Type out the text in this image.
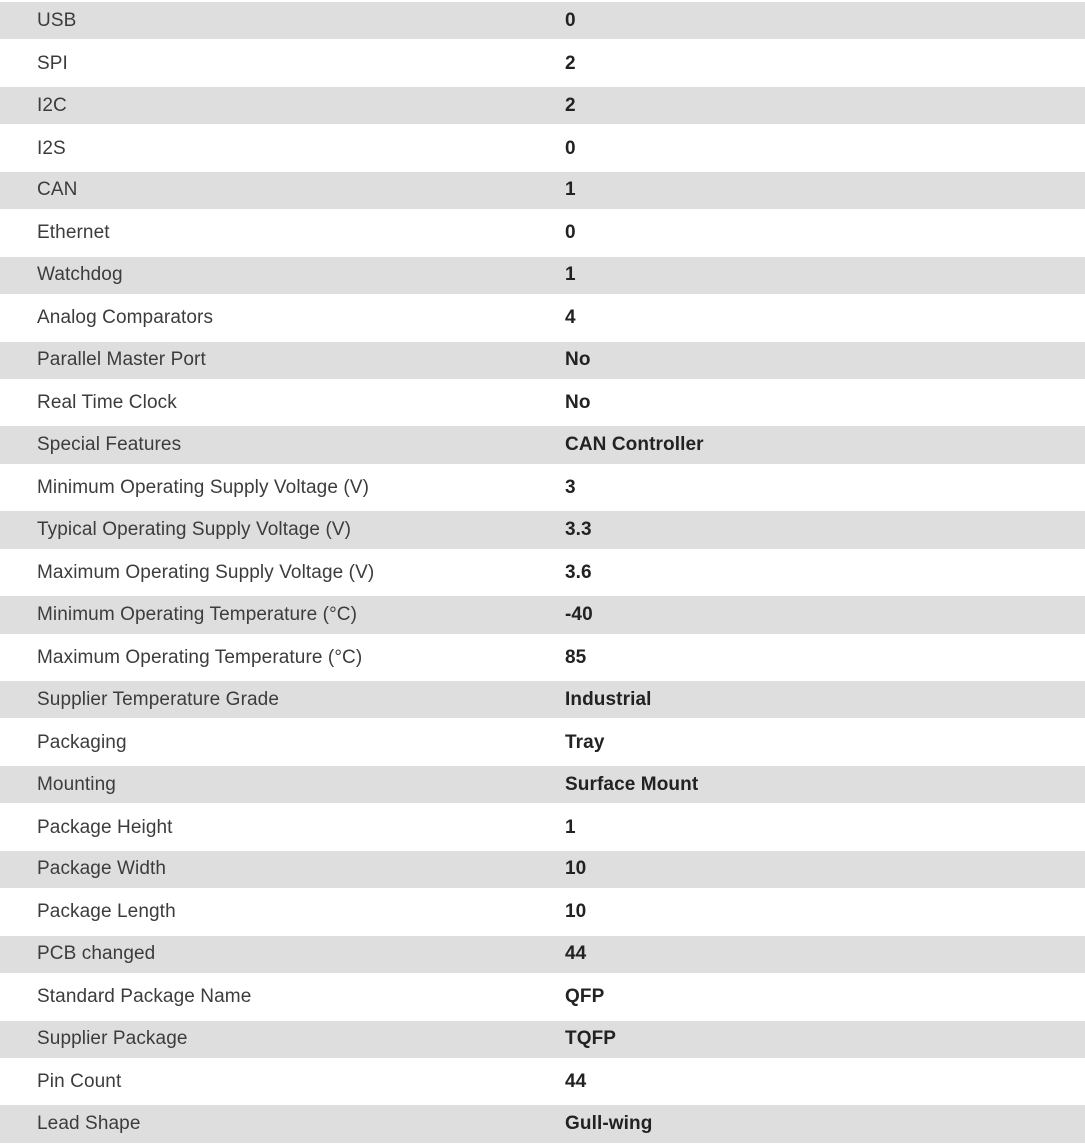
USB	0
SPI	2
I2C	2
I2S	0
CAN	1
Ethernet	0
Watchdog	1
Analog Comparators	4
Parallel Master Port	No
Real Time Clock	No
Special Features	CAN Controller
Minimum Operating Supply Voltage (V)	3
Typical Operating Supply Voltage (V)	3.3
Maximum Operating Supply Voltage (V)	3.6
Minimum Operating Temperature (°C)	-40
Maximum Operating Temperature (°C)	85
Supplier Temperature Grade	Industrial
Packaging	Tray
Mounting	Surface Mount
Package Height	1
Package Width	10
Package Length	10
PCB changed	44
Standard Package Name	QFP
Supplier Package	TQFP
Pin Count	44
Lead Shape	Gull-wing
